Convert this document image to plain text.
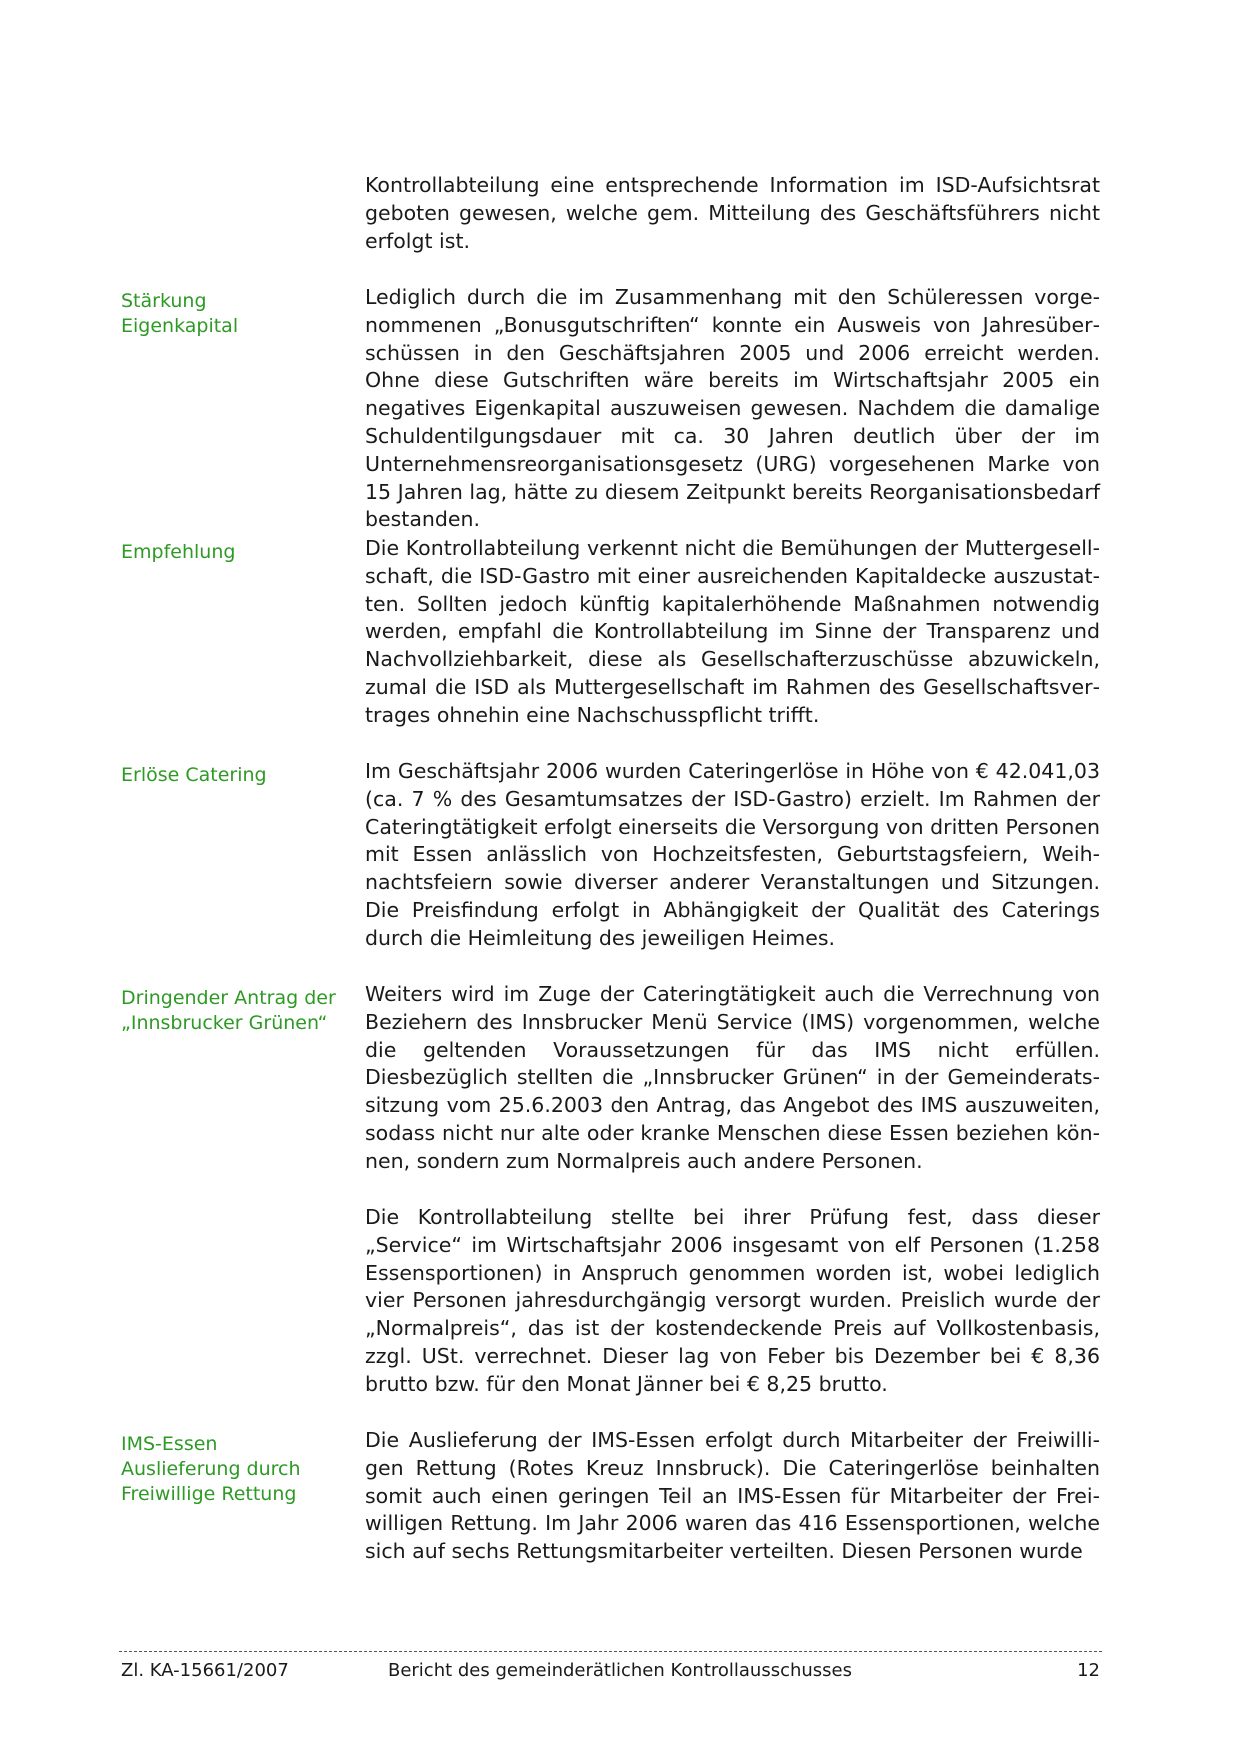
Kontrollabteilung eine entsprechende Information im ISD-Aufsichtsrat geboten gewesen, welche gem. Mitteilung des Geschäftsführers nicht erfolgt ist.

Stärkung
Eigenkapital

Lediglich durch die im Zusammenhang mit den Schüleressen vorgenommenen „Bonusgutschriften“ konnte ein Ausweis von Jahresüberschüssen in den Geschäftsjahren 2005 und 2006 erreicht werden. Ohne diese Gutschriften wäre bereits im Wirtschaftsjahr 2005 ein negatives Eigenkapital auszuweisen gewesen. Nachdem die damalige Schuldentilgungsdauer mit ca. 30 Jahren deutlich über der im Unternehmensreorganisationsgesetz (URG) vorgesehenen Marke von 15 Jahren lag, hätte zu diesem Zeitpunkt bereits Reorganisationsbedarf bestanden.

Empfehlung	Die Kontrollabteilung verkennt nicht die Bemühungen der Muttergesellschaft, die ISD-Gastro mit einer ausreichenden Kapitaldecke auszustatten. Sollten jedoch künftig kapitalerhöhende Maßnahmen notwendig werden, empfahl die Kontrollabteilung im Sinne der Transparenz und Nachvollziehbarkeit, diese als Gesellschafterzuschüsse abzuwickeln, zumal die ISD als Muttergesellschaft im Rahmen des Gesellschaftsvertrages ohnehin eine Nachschusspflicht trifft.

Erlöse Catering	Im Geschäftsjahr 2006 wurden Cateringerlöse in Höhe von € 42.041,03 (ca. 7 % des Gesamtumsatzes der ISD-Gastro) erzielt. Im Rahmen der Cateringtätigkeit erfolgt einerseits die Versorgung von dritten Personen mit Essen anlässlich von Hochzeitsfesten, Geburtstagsfeiern, Weihnachtsfeiern sowie diverser anderer Veranstaltungen und Sitzungen. Die Preisfindung erfolgt in Abhängigkeit der Qualität des Caterings durch die Heimleitung des jeweiligen Heimes.

Dringender Antrag der
„Innsbrucker Grünen“

Weiters wird im Zuge der Cateringtätigkeit auch die Verrechnung von Beziehern des Innsbrucker Menü Service (IMS) vorgenommen, welche die geltenden Voraussetzungen für das IMS nicht erfüllen. Diesbezüglich stellten die „Innsbrucker Grünen“ in der Gemeinderatssitzung vom 25.6.2003 den Antrag, das Angebot des IMS auszuweiten, sodass nicht nur alte oder kranke Menschen diese Essen beziehen können, sondern zum Normalpreis auch andere Personen.

Die Kontrollabteilung stellte bei ihrer Prüfung fest, dass dieser „Service“ im Wirtschaftsjahr 2006 insgesamt von elf Personen (1.258 Essensportionen) in Anspruch genommen worden ist, wobei lediglich vier Personen jahresdurchgängig versorgt wurden. Preislich wurde der „Normalpreis“, das ist der kostendeckende Preis auf Vollkostenbasis, zzgl. USt. verrechnet. Dieser lag von Feber bis Dezember bei € 8,36 brutto bzw. für den Monat Jänner bei € 8,25 brutto.

IMS-Essen
Auslieferung durch
Freiwillige Rettung

Die Auslieferung der IMS-Essen erfolgt durch Mitarbeiter der Freiwilligen Rettung (Rotes Kreuz Innsbruck). Die Cateringerlöse beinhalten somit auch einen geringen Teil an IMS-Essen für Mitarbeiter der Freiwilligen Rettung. Im Jahr 2006 waren das 416 Essensportionen, welche sich auf sechs Rettungsmitarbeiter verteilten. Diesen Personen wurde

Zl. KA-15661/2007	Bericht des gemeinderätlichen Kontrollausschusses	12
